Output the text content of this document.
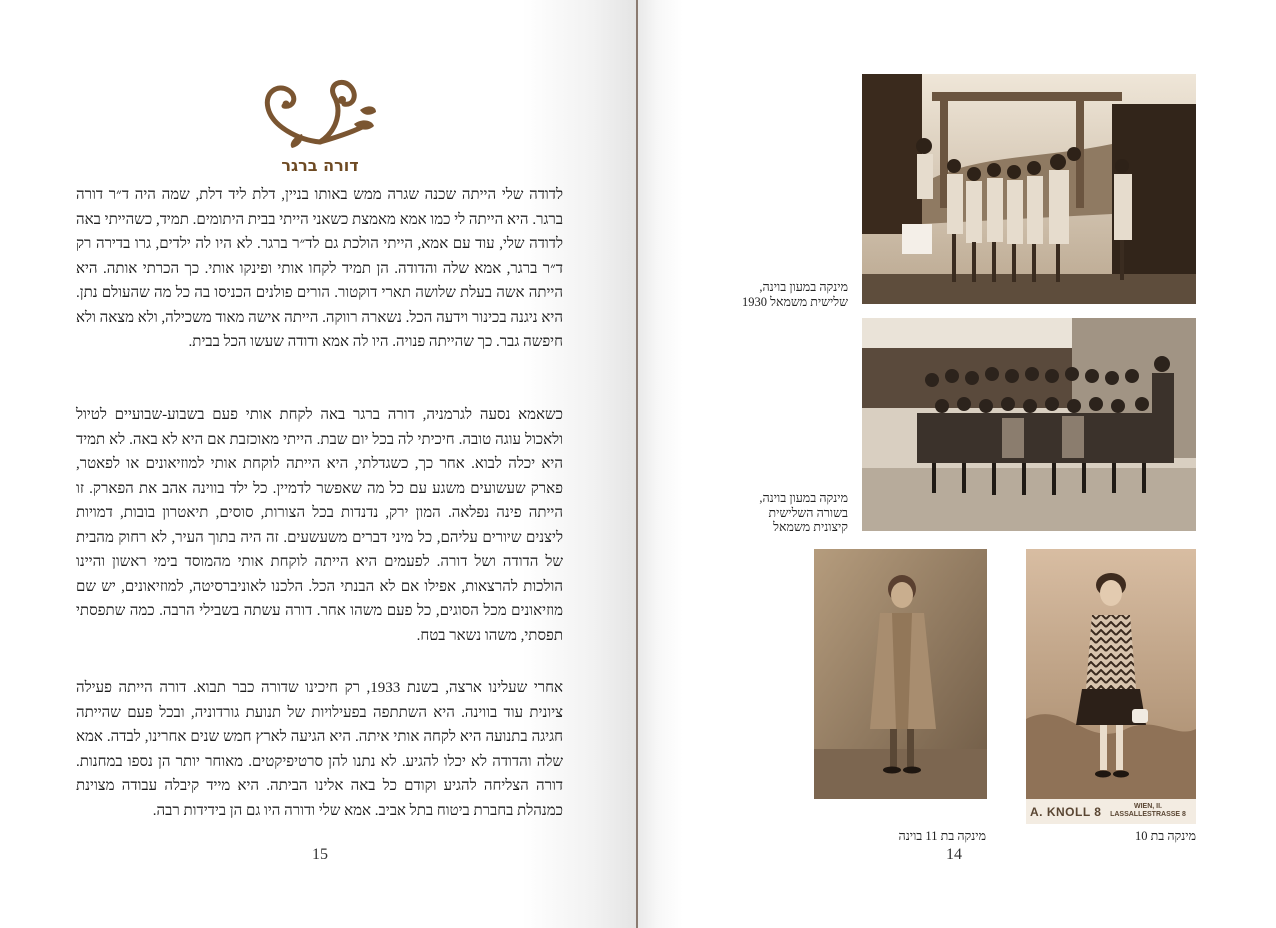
דורה ברגר

לדודה שלי הייתה שכנה שגרה ממש באותו בניין, דלת ליד דלת, שמה היה ד״ר דורה ברגר. היא הייתה לי כמו אמא מאמצת כשאני הייתי בבית היתומים. תמיד, כשהייתי באה לדודה שלי, עוד עם אמא, הייתי הולכת גם לד״ר ברגר. לא היו לה ילדים, גרו בדירה רק ד״ר ברגר, אמא שלה והדודה. הן תמיד לקחו אותי ופינקו אותי. כך הכרתי אותה. היא הייתה אשה בעלת שלושה תארי דוקטור. הורים פולנים הכניסו בה כל מה שהעולם נתן. היא ניגנה בכינור וידעה הכל. נשארה רווקה. הייתה אישה מאוד משכילה, ולא מצאה ולא חיפשה גבר. כך שהייתה פנויה. היו לה אמא ודודה שעשו הכל בבית.

כשאמא נסעה לגרמניה, דורה ברגר באה לקחת אותי פעם בשבוע-שבועיים לטיול ולאכול עוגה טובה. חיכיתי לה בכל יום שבת. הייתי מאוכזבת אם היא לא באה. לא תמיד היא יכלה לבוא. אחר כך, כשגדלתי, היא הייתה לוקחת אותי למוזיאונים או לפאטר, פארק שעשועים משגע עם כל מה שאפשר לדמיין. כל ילד בווינה אהב את הפארק. זו הייתה פינה נפלאה. המון ירק, נדנדות בכל הצורות, סוסים, תיאטרון בובות, דמויות ליצנים שיורים עליהם, כל מיני דברים משעשעים. זה היה בתוך העיר, לא רחוק מהבית של הדודה ושל דורה. לפעמים היא הייתה לוקחת אותי מהמוסד בימי ראשון והיינו הולכות להרצאות, אפילו אם לא הבנתי הכל. הלכנו לאוניברסיטה, למוזיאונים, יש שם מוזיאונים מכל הסוגים, כל פעם משהו אחר. דורה עשתה בשבילי הרבה. כמה שתפסתי תפסתי, משהו נשאר בטח.

אחרי שעלינו ארצה, בשנת 1933, רק חיכינו שדורה כבר תבוא. דורה הייתה פעילה ציונית עוד בווינה. היא השתתפה בפעילויות של תנועת גורדוניה, ובכל פעם שהייתה חגיגה בתנועה היא לקחה אותי איתה. היא הגיעה לארץ חמש שנים אחרינו, לבדה. אמא שלה והדודה לא יכלו להגיע. לא נתנו להן סרטיפיקטים. מאוחר יותר הן נספו במחנות. דורה הצליחה להגיע וקודם כל באה אלינו הביתה. היא מייד קיבלה עבודה מצוינת כמנהלת בחברת ביטוח בתל אביב. אמא שלי ודורה היו גם הן בידידות רבה.

15
מינקה במעון בוינה,
שלישית משמאל 1930
מינקה במעון בוינה,
בשורה השלישית
קיצונית משמאל
מינקה בת 11 בוינה
A. KNOLL 8	WIEN, II.
LASSALLESTRASSE 8
מינקה בת 10
14
